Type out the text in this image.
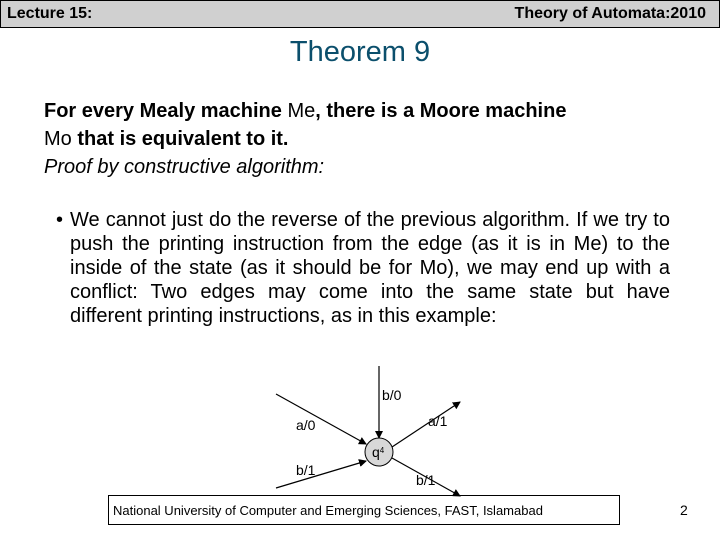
Lecture 15:	Theory of Automata:2010
Theorem 9
For every Mealy machine Me, there is a Moore machine
Mo that is equivalent to it.
Proof by constructive algorithm:
• We cannot just do the reverse of the previous algorithm. If we try to push the printing instruction from the edge (as it is in Me) to the inside of the state (as it should be for Mo), we may end up with a conflict: Two edges may come into the same state but have different printing instructions, as in this example:
$q^4$
b/0
a/0	a/1
b/1
b/1
National University of Computer and Emerging Sciences, FAST, Islamabad	2
